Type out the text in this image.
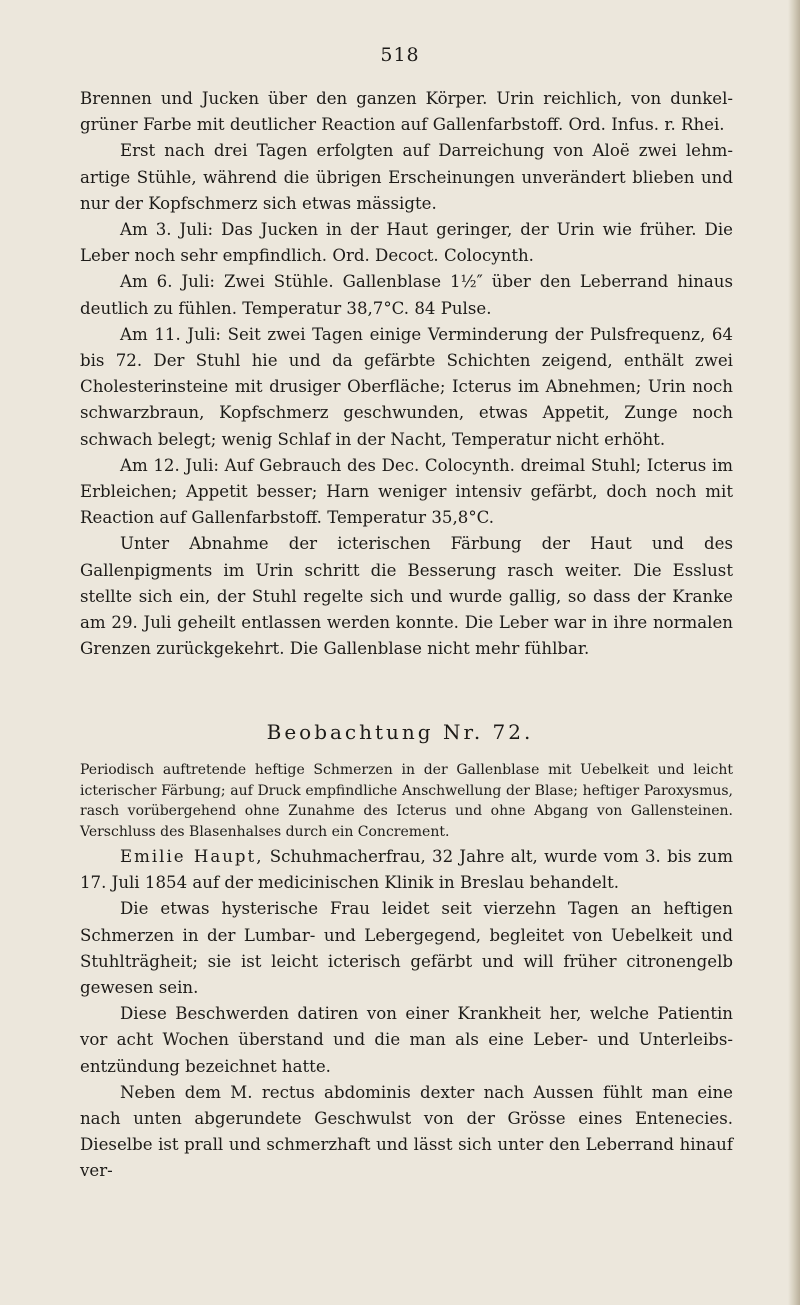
518

Brennen und Jucken über den ganzen Körper. Urin reichlich, von dunkelgrüner Farbe mit deutlicher Reaction auf Gallenfarbstoff. Ord. Infus. r. Rhei.

Erst nach drei Tagen erfolgten auf Darreichung von Aloë zwei lehmartige Stühle, während die übrigen Erscheinungen unverändert blieben und nur der Kopfschmerz sich etwas mässigte.

Am 3. Juli: Das Jucken in der Haut geringer, der Urin wie früher. Die Leber noch sehr empfindlich. Ord. Decoct. Colocynth.

Am 6. Juli: Zwei Stühle. Gallenblase 1½″ über den Leberrand hinaus deutlich zu fühlen. Temperatur 38,7°C. 84 Pulse.

Am 11. Juli: Seit zwei Tagen einige Verminderung der Pulsfrequenz, 64 bis 72. Der Stuhl hie und da gefärbte Schichten zeigend, enthält zwei Cholesterinsteine mit drusiger Oberfläche; Icterus im Abnehmen; Urin noch schwarzbraun, Kopfschmerz geschwunden, etwas Appetit, Zunge noch schwach belegt; wenig Schlaf in der Nacht, Temperatur nicht erhöht.

Am 12. Juli: Auf Gebrauch des Dec. Colocynth. dreimal Stuhl; Icterus im Erbleichen; Appetit besser; Harn weniger intensiv gefärbt, doch noch mit Reaction auf Gallenfarbstoff. Temperatur 35,8°C.

Unter Abnahme der icterischen Färbung der Haut und des Gallenpigments im Urin schritt die Besserung rasch weiter. Die Esslust stellte sich ein, der Stuhl regelte sich und wurde gallig, so dass der Kranke am 29. Juli geheilt entlassen werden konnte. Die Leber war in ihre normalen Grenzen zurückgekehrt. Die Gallenblase nicht mehr fühlbar.

Beobachtung Nr. 72.

Periodisch auftretende heftige Schmerzen in der Gallenblase mit Uebelkeit und leicht icterischer Färbung; auf Druck empfindliche Anschwellung der Blase; heftiger Paroxysmus, rasch vorübergehend ohne Zunahme des Icterus und ohne Abgang von Gallensteinen. Verschluss des Blasenhalses durch ein Concrement.

Emilie Haupt, Schuhmacherfrau, 32 Jahre alt, wurde vom 3. bis zum 17. Juli 1854 auf der medicinischen Klinik in Breslau behandelt.

Die etwas hysterische Frau leidet seit vierzehn Tagen an heftigen Schmerzen in der Lumbar- und Lebergegend, begleitet von Uebelkeit und Stuhlträgheit; sie ist leicht icterisch gefärbt und will früher citronengelb gewesen sein.

Diese Beschwerden datiren von einer Krankheit her, welche Patientin vor acht Wochen überstand und die man als eine Leber- und Unterleibsentzündung bezeichnet hatte.

Neben dem M. rectus abdominis dexter nach Aussen fühlt man eine nach unten abgerundete Geschwulst von der Grösse eines Entenecies. Dieselbe ist prall und schmerzhaft und lässt sich unter den Leberrand hinauf ver-
